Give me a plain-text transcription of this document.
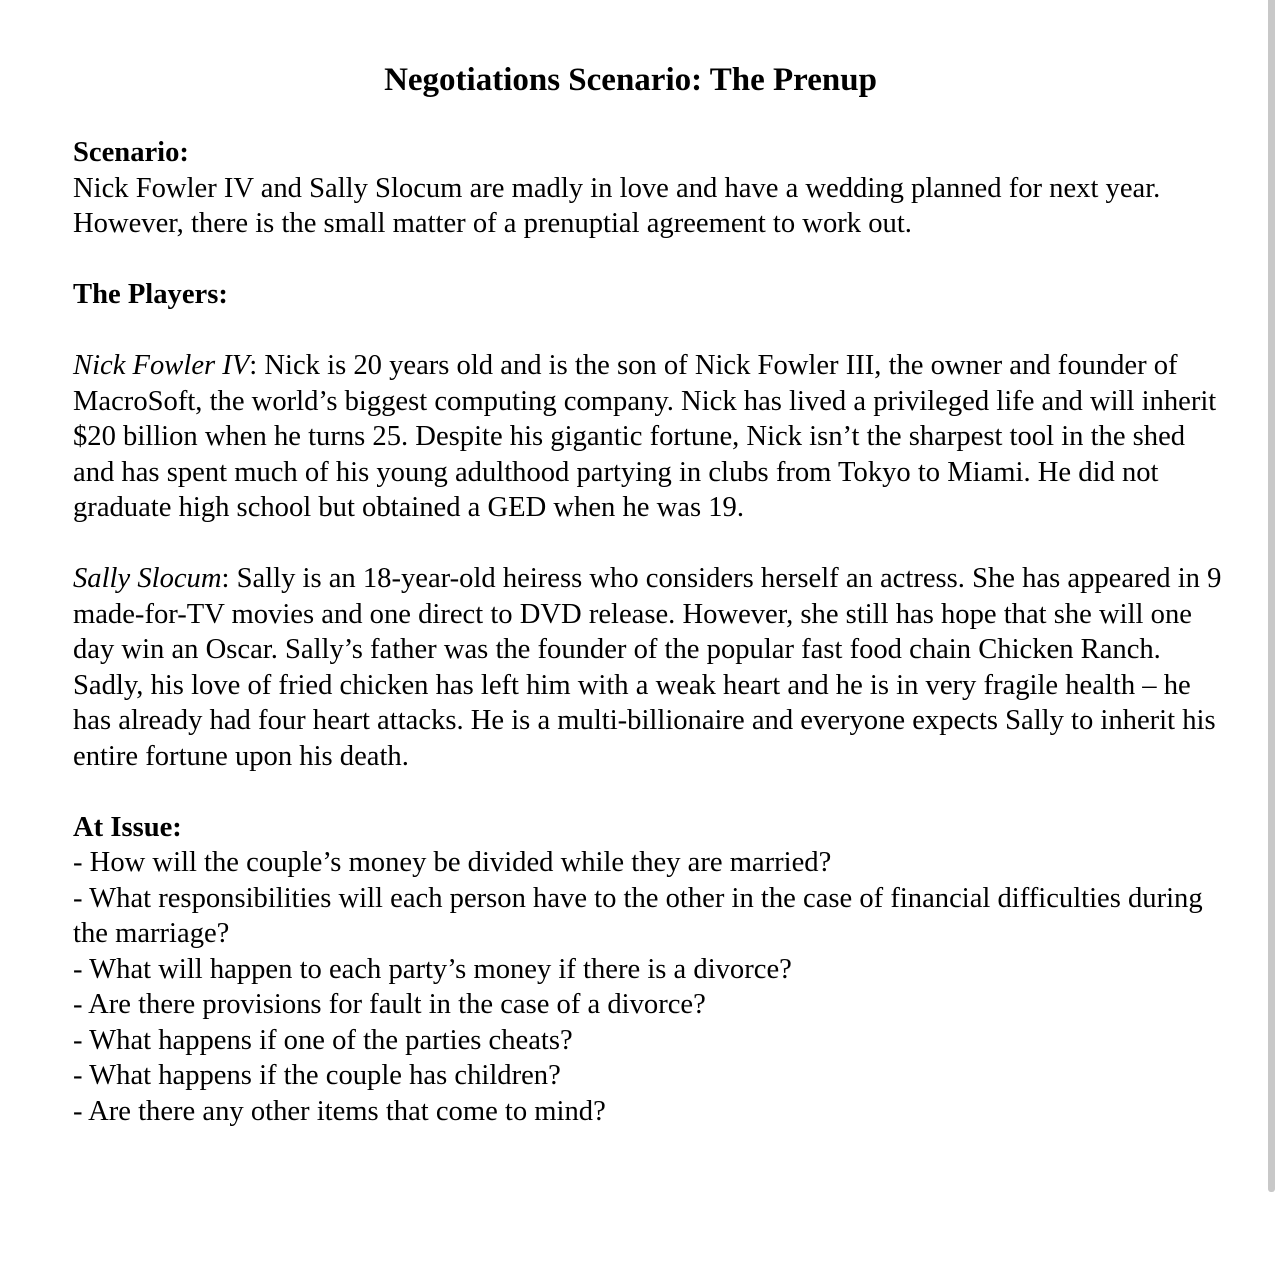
Negotiations Scenario: The Prenup

Scenario:

Nick Fowler IV and Sally Slocum are madly in love and have a wedding planned for next year. However, there is the small matter of a prenuptial agreement to work out.

The Players:

Nick Fowler IV: Nick is 20 years old and is the son of Nick Fowler III, the owner and founder of MacroSoft, the world’s biggest computing company. Nick has lived a privileged life and will inherit $20 billion when he turns 25. Despite his gigantic fortune, Nick isn’t the sharpest tool in the shed and has spent much of his young adulthood partying in clubs from Tokyo to Miami. He did not graduate high school but obtained a GED when he was 19.

Sally Slocum: Sally is an 18-year-old heiress who considers herself an actress. She has appeared in 9 made-for-TV movies and one direct to DVD release. However, she still has hope that she will one day win an Oscar. Sally’s father was the founder of the popular fast food chain Chicken Ranch. Sadly, his love of fried chicken has left him with a weak heart and he is in very fragile health – he has already had four heart attacks. He is a multi-billionaire and everyone expects Sally to inherit his entire fortune upon his death.

At Issue:

- How will the couple’s money be divided while they are married?
- What responsibilities will each person have to the other in the case of financial difficulties during the marriage?
- What will happen to each party’s money if there is a divorce?
- Are there provisions for fault in the case of a divorce?
- What happens if one of the parties cheats?
- What happens if the couple has children?
- Are there any other items that come to mind?
